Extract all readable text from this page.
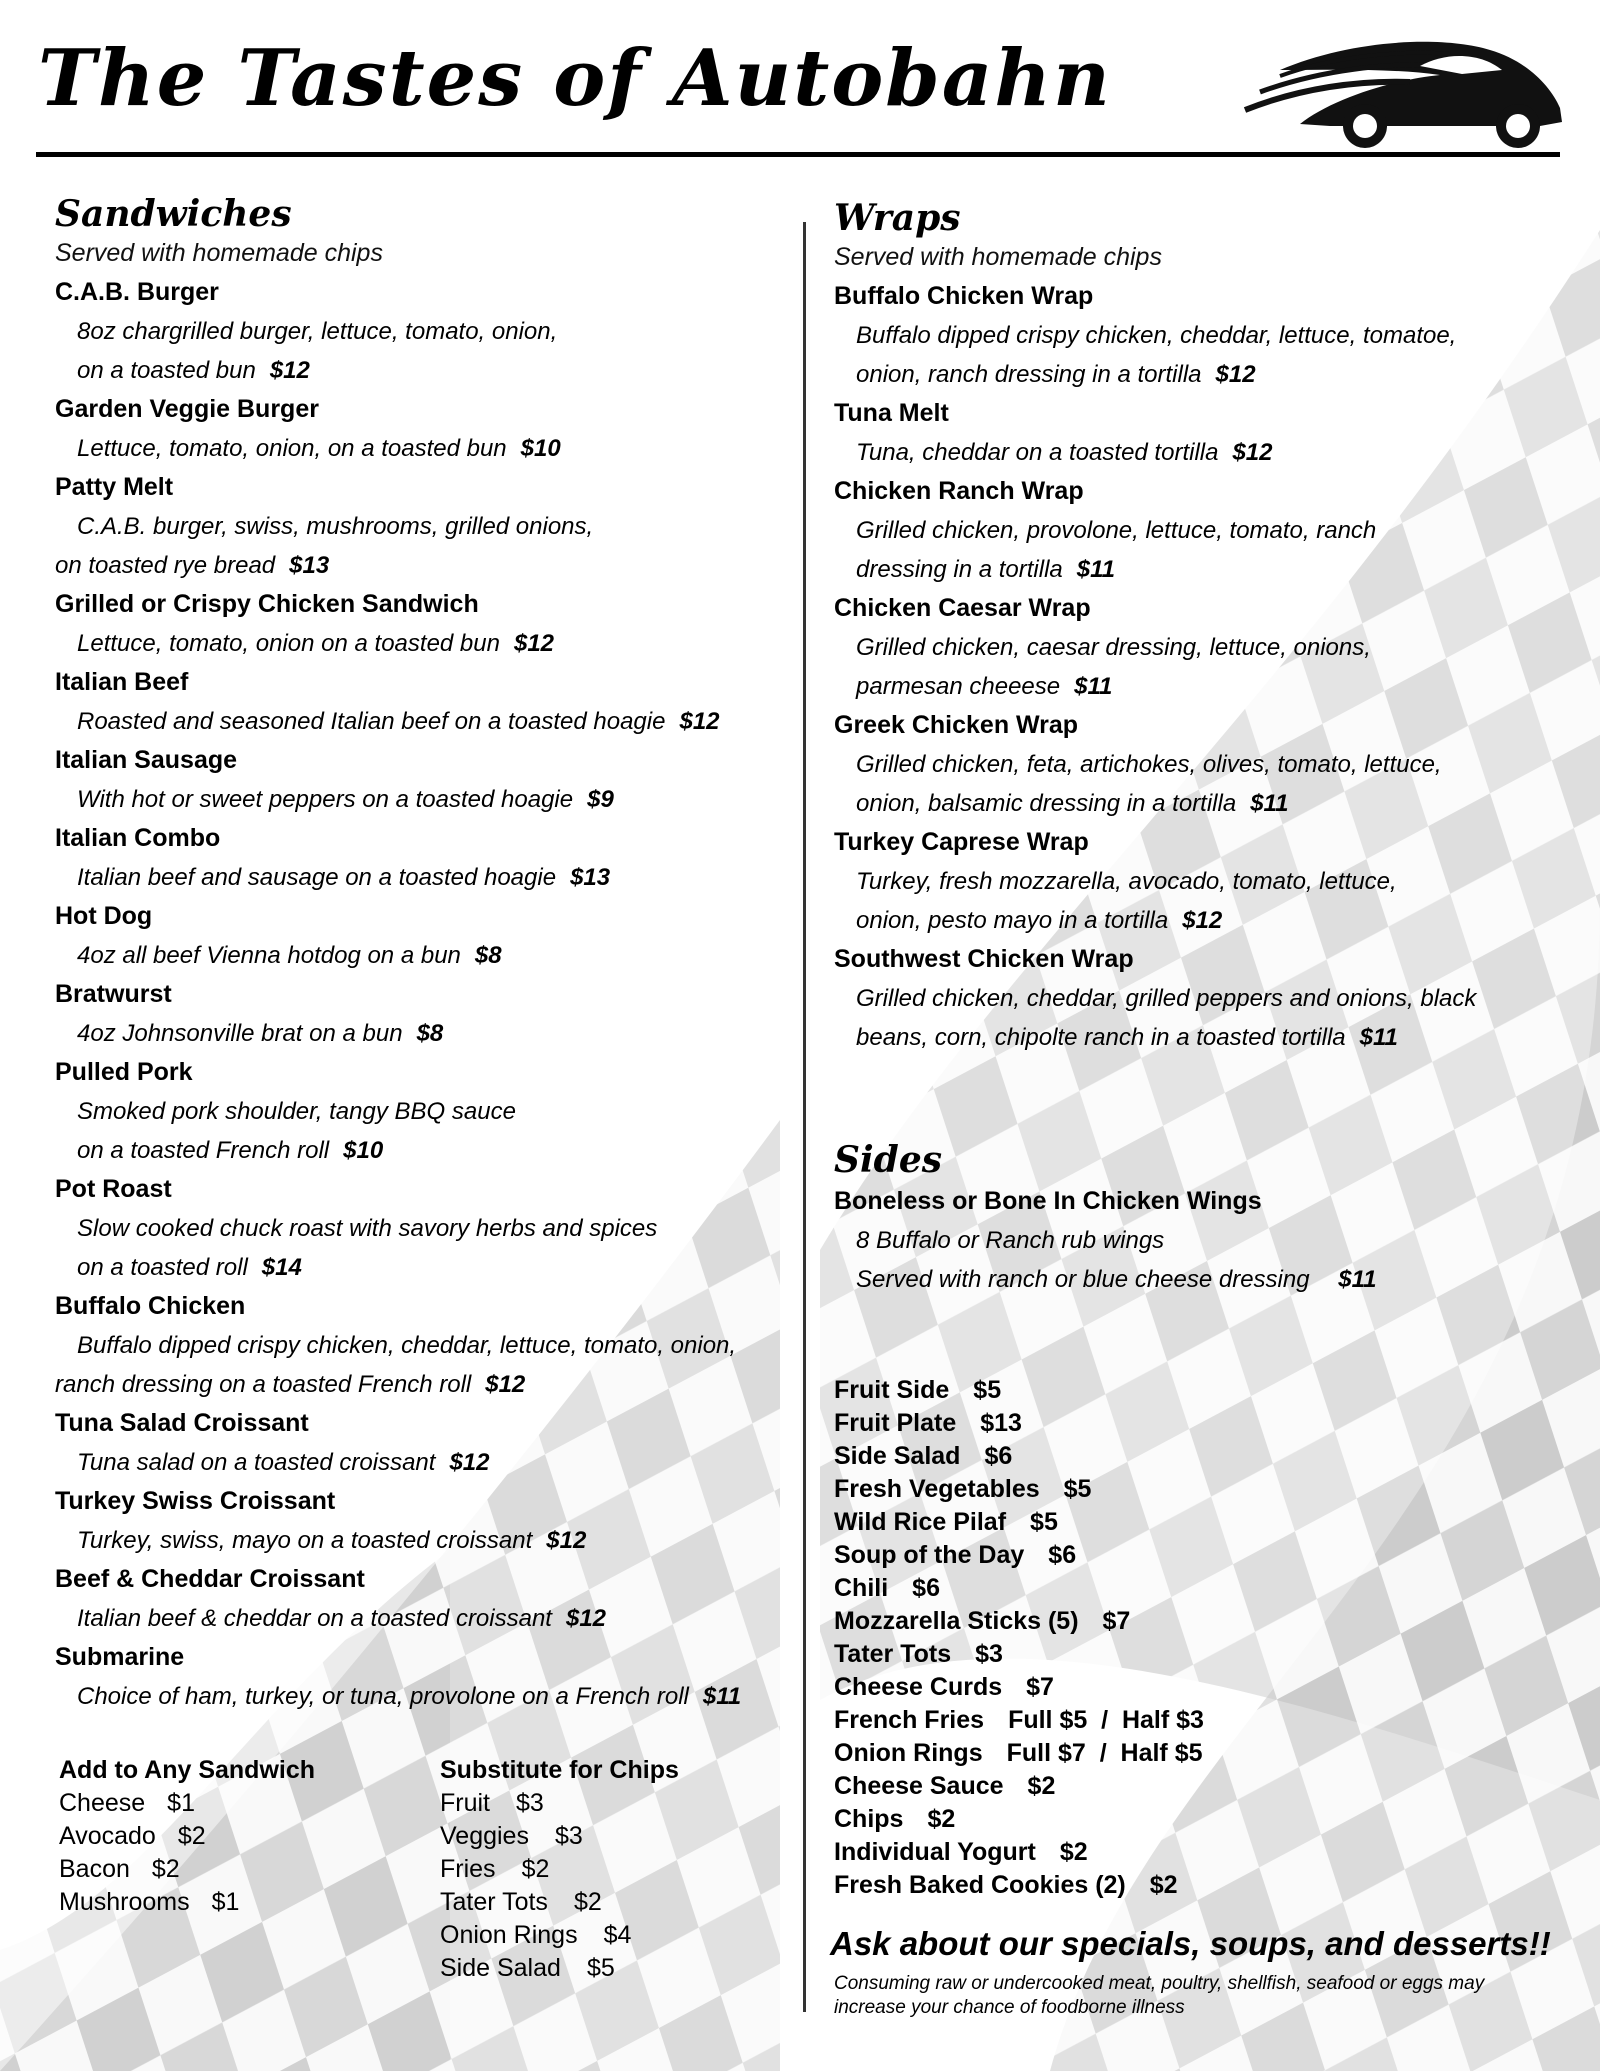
The Tastes of Autobahn
Sandwiches
Served with homemade chips
C.A.B. Burger
8oz chargrilled burger, lettuce, tomato, onion,
on a toasted bun $12
Garden Veggie Burger
Lettuce, tomato, onion, on a toasted bun $10
Patty Melt
C.A.B. burger, swiss, mushrooms, grilled onions,
on toasted rye bread $13
Grilled or Crispy Chicken Sandwich
Lettuce, tomato, onion on a toasted bun $12
Italian Beef
Roasted and seasoned Italian beef on a toasted hoagie $12
Italian Sausage
With hot or sweet peppers on a toasted hoagie $9
Italian Combo
Italian beef and sausage on a toasted hoagie $13
Hot Dog
4oz all beef Vienna hotdog on a bun $8
Bratwurst
4oz Johnsonville brat on a bun $8
Pulled Pork
Smoked pork shoulder, tangy BBQ sauce
on a toasted French roll $10
Pot Roast
Slow cooked chuck roast with savory herbs and spices
on a toasted roll $14
Buffalo Chicken
Buffalo dipped crispy chicken, cheddar, lettuce, tomato, onion,
ranch dressing on a toasted French roll $12
Tuna Salad Croissant
Tuna salad on a toasted croissant $12
Turkey Swiss Croissant
Turkey, swiss, mayo on a toasted croissant $12
Beef & Cheddar Croissant
Italian beef & cheddar on a toasted croissant $12
Submarine
Choice of ham, turkey, or tuna, provolone on a French roll $11
Add to Any Sandwich
Cheese $1
Avocado $2
Bacon $2
Mushrooms $1
Substitute for Chips
Fruit $3
Veggies $3
Fries $2
Tater Tots $2
Onion Rings $4
Side Salad $5
Wraps
Served with homemade chips
Buffalo Chicken Wrap
Buffalo dipped crispy chicken, cheddar, lettuce, tomatoe,
onion, ranch dressing in a tortilla $12
Tuna Melt
Tuna, cheddar on a toasted tortilla $12
Chicken Ranch Wrap
Grilled chicken, provolone, lettuce, tomato, ranch
dressing in a tortilla $11
Chicken Caesar Wrap
Grilled chicken, caesar dressing, lettuce, onions,
parmesan cheeese $11
Greek Chicken Wrap
Grilled chicken, feta, artichokes, olives, tomato, lettuce,
onion, balsamic dressing in a tortilla $11
Turkey Caprese Wrap
Turkey, fresh mozzarella, avocado, tomato, lettuce,
onion, pesto mayo in a tortilla $12
Southwest Chicken Wrap
Grilled chicken, cheddar, grilled peppers and onions, black
beans, corn, chipolte ranch in a toasted tortilla $11
Sides
Boneless or Bone In Chicken Wings
8 Buffalo or Ranch rub wings
Served with ranch or blue cheese dressing $11
Fruit Side $5
Fruit Plate $13
Side Salad $6
Fresh Vegetables $5
Wild Rice Pilaf $5
Soup of the Day $6
Chili $6
Mozzarella Sticks (5) $7
Tater Tots $3
Cheese Curds $7
French Fries Full $5  /  Half $3
Onion Rings Full $7  /  Half $5
Cheese Sauce $2
Chips $2
Individual Yogurt $2
Fresh Baked Cookies (2) $2
Ask about our specials, soups, and desserts!!
Consuming raw or undercooked meat, poultry, shellfish, seafood or eggs may increase your chance of foodborne illness
